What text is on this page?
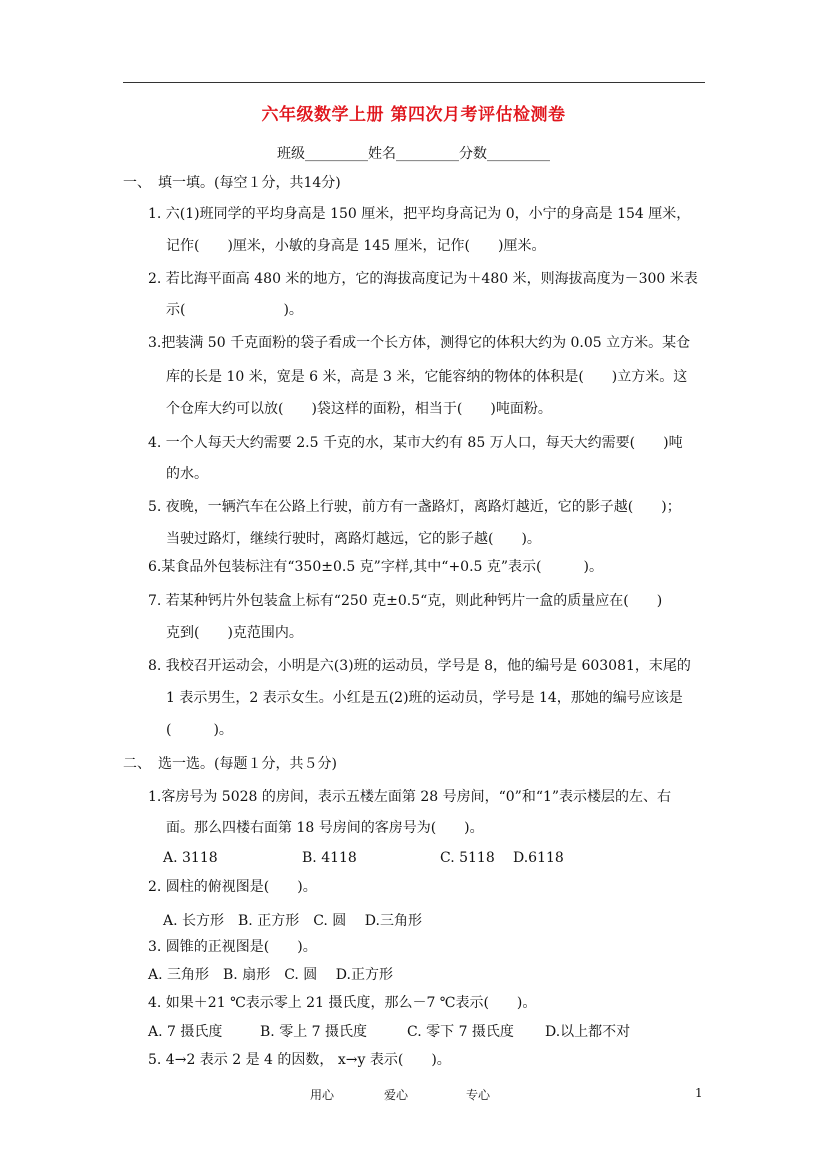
六年级数学上册 第四次月考评估检测卷
班级_________姓名_________分数_________
一、　填一填。(每空１分，共14分)
1. 六(1)班同学的平均身高是 150 厘米，把平均身高记为 0，小宁的身高是 154 厘米，
记作(　　)厘米，小敏的身高是 145 厘米，记作(　　)厘米。
2. 若比海平面高 480 米的地方，它的海拔高度记为＋480 米，则海拔高度为－300 米表
示(　　　　　　　)。
3.把装满 50 千克面粉的袋子看成一个长方体，测得它的体积大约为 0.05 立方米。某仓
库的长是 10 米，宽是 6 米，高是 3 米，它能容纳的物体的体积是(　　)立方米。这
个仓库大约可以放(　　)袋这样的面粉，相当于(　　)吨面粉。
4. 一个人每天大约需要 2.5 千克的水，某市大约有 85 万人口，每天大约需要(　　)吨
的水。
5. 夜晚，一辆汽车在公路上行驶，前方有一盏路灯，离路灯越近，它的影子越(　　)；
当驶过路灯，继续行驶时，离路灯越远，它的影子越(　　)。
6.某食品外包装标注有“350±0.5 克”字样,其中“+0.5 克”表示(　　　)。
7. 若某种钙片外包装盒上标有“250 克±0.5“克，则此种钙片一盒的质量应在(　　)
克到(　　)克范围内。
8. 我校召开运动会，小明是六(3)班的运动员，学号是 8，他的编号是 603081，末尾的
1 表示男生，2 表示女生。小红是五(2)班的运动员，学号是 14，那她的编号应该是
(　　　)。
二、　选一选。(每题１分，共５分)
1.客房号为 5028 的房间，表示五楼左面第 28 号房间，“0”和“1”表示楼层的左、右
面。那么四楼右面第 18 号房间的客房号为(　　)。
A. 3118	B. 4118	C. 5118 D.6118
2. 圆柱的俯视图是(　　)。
A. 长方形　B. 正方形　C. 圆　 D.三角形
3. 圆锥的正视图是(　　)。
A. 三角形　B. 扇形　C. 圆　 D.正方形
4. 如果＋21 ℃表示零上 21 摄氏度，那么－7 ℃表示(　　)。
A. 7 摄氏度	B. 零上 7 摄氏度	C. 零下 7 摄氏度 D.以上都不对
5. 4→2 表示 2 是 4 的因数， x→y 表示(　　)。
用心	爱心	专心	1
